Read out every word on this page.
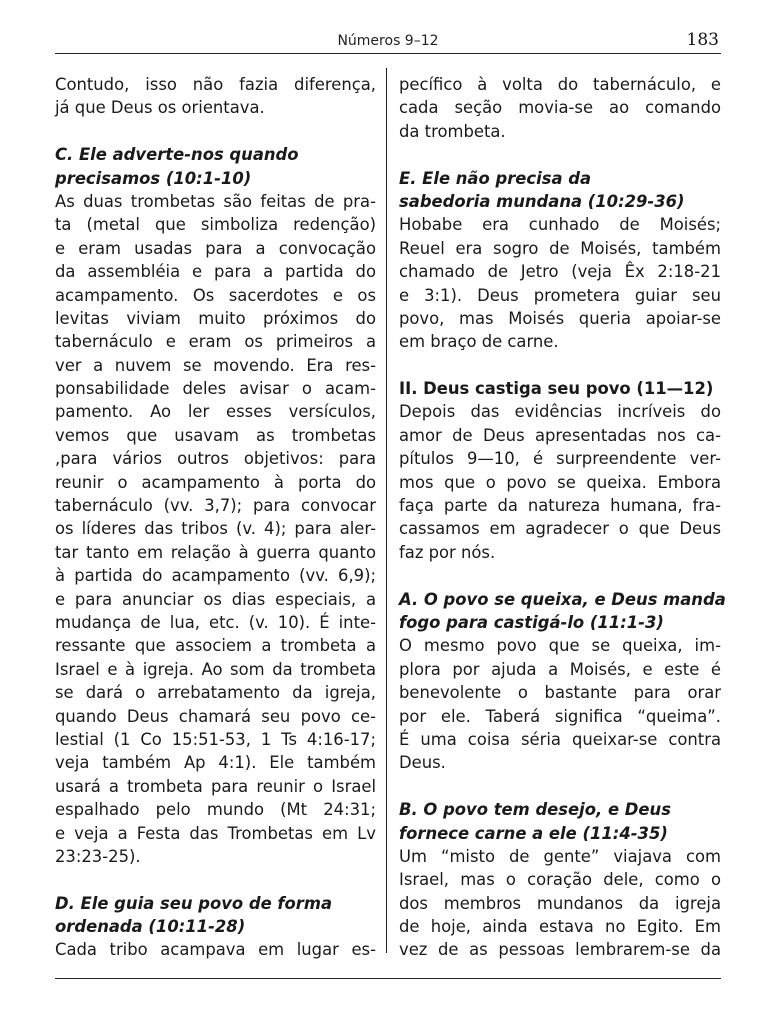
Números 9–12	183
Contudo, isso não fazia diferença,
já que Deus os orientava.
C. Ele adverte-nos quando
precisamos (10:1-10)
As duas trombetas são feitas de pra-
ta (metal que simboliza redenção)
e eram usadas para a convocação
da assembléia e para a partida do
acampamento. Os sacerdotes e os
levitas viviam muito próximos do
tabernáculo e eram os primeiros a
ver a nuvem se movendo. Era res-
ponsabilidade deles avisar o acam-
pamento. Ao ler esses versículos,
vemos que usavam as trombetas
,para vários outros objetivos: para
reunir o acampamento à porta do
tabernáculo (vv. 3,7); para convocar
os líderes das tribos (v. 4); para aler-
tar tanto em relação à guerra quanto
à partida do acampamento (vv. 6,9);
e para anunciar os dias especiais, a
mudança de lua, etc. (v. 10). É inte-
ressante que associem a trombeta a
Israel e à igreja. Ao som da trombeta
se dará o arrebatamento da igreja,
quando Deus chamará seu povo ce-
lestial (1 Co 15:51-53, 1 Ts 4:16-17;
veja também Ap 4:1). Ele também
usará a trombeta para reunir o Israel
espalhado pelo mundo (Mt 24:31;
e veja a Festa das Trombetas em Lv
23:23-25).
D. Ele guia seu povo de forma
ordenada (10:11-28)
Cada tribo acampava em lugar es-
pecífico à volta do tabernáculo, e
cada seção movia-se ao comando
da trombeta.
E. Ele não precisa da
sabedoria mundana (10:29-36)
Hobabe era cunhado de Moisés;
Reuel era sogro de Moisés, também
chamado de Jetro (veja Êx 2:18-21
e 3:1). Deus prometera guiar seu
povo, mas Moisés queria apoiar-se
em braço de carne.
II. Deus castiga seu povo (11—12)
Depois das evidências incríveis do
amor de Deus apresentadas nos ca-
pítulos 9—10, é surpreendente ver-
mos que o povo se queixa. Embora
faça parte da natureza humana, fra-
cassamos em agradecer o que Deus
faz por nós.
A. O povo se queixa, e Deus manda
fogo para castigá-lo (11:1-3)
O mesmo povo que se queixa, im-
plora por ajuda a Moisés, e este é
benevolente o bastante para orar
por ele. Taberá significa “queima”.
É uma coisa séria queixar-se contra
Deus.
B. O povo tem desejo, e Deus
fornece carne a ele (11:4-35)
Um “misto de gente” viajava com
Israel, mas o coração dele, como o
dos membros mundanos da igreja
de hoje, ainda estava no Egito. Em
vez de as pessoas lembrarem-se da
